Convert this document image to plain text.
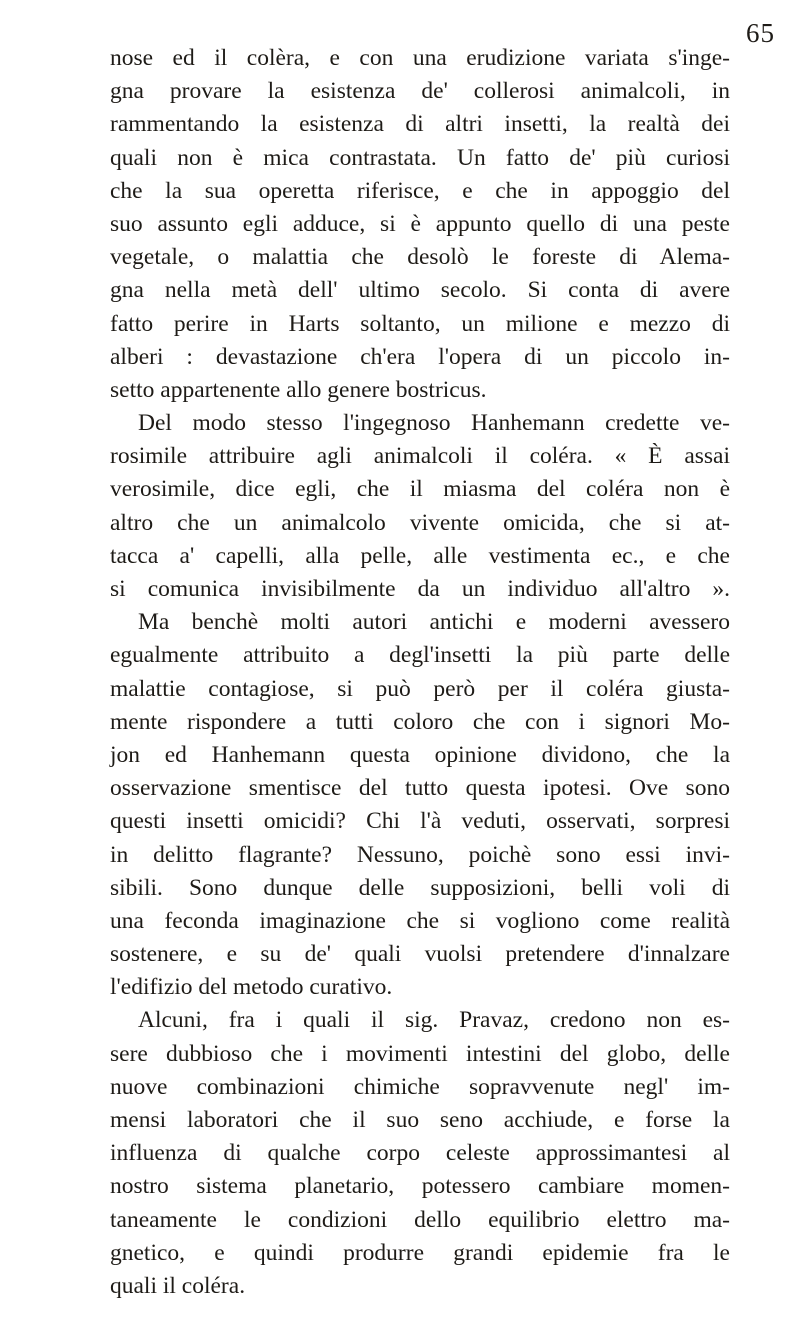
65
nose ed il colèra, e con una erudizione variata s'inge-
gna provare la esistenza de' collerosi animalcoli, in
rammentando la esistenza di altri insetti, la realtà dei
quali non è mica contrastata. Un fatto de' più curiosi
che la sua operetta riferisce, e che in appoggio del
suo assunto egli adduce, si è appunto quello di una peste
vegetale, o malattia che desolò le foreste di Alema-
gna nella metà dell' ultimo secolo. Si conta di avere
fatto perire in Harts soltanto, un milione e mezzo di
alberi : devastazione ch'era l'opera di un piccolo in-
setto appartenente allo genere bostricus.
Del modo stesso l'ingegnoso Hanhemann credette ve-
rosimile attribuire agli animalcoli il coléra. « È assai
verosimile, dice egli, che il miasma del coléra non è
altro che un animalcolo vivente omicida, che si at-
tacca a' capelli, alla pelle, alle vestimenta ec., e che
si comunica invisibilmente da un individuo all'altro ».
Ma benchè molti autori antichi e moderni avessero
egualmente attribuito a degl'insetti la più parte delle
malattie contagiose, si può però per il coléra giusta-
mente rispondere a tutti coloro che con i signori Mo-
jon ed Hanhemann questa opinione dividono, che la
osservazione smentisce del tutto questa ipotesi. Ove sono
questi insetti omicidi? Chi l'à veduti, osservati, sorpresi
in delitto flagrante? Nessuno, poichè sono essi invi-
sibili. Sono dunque delle supposizioni, belli voli di
una feconda imaginazione che si vogliono come realità
sostenere, e su de' quali vuolsi pretendere d'innalzare
l'edifizio del metodo curativo.
Alcuni, fra i quali il sig. Pravaz, credono non es-
sere dubbioso che i movimenti intestini del globo, delle
nuove combinazioni chimiche sopravvenute negl' im-
mensi laboratori che il suo seno acchiude, e forse la
influenza di qualche corpo celeste approssimantesi al
nostro sistema planetario, potessero cambiare momen-
taneamente le condizioni dello equilibrio elettro ma-
gnetico, e quindi produrre grandi epidemie fra le
quali il coléra.
